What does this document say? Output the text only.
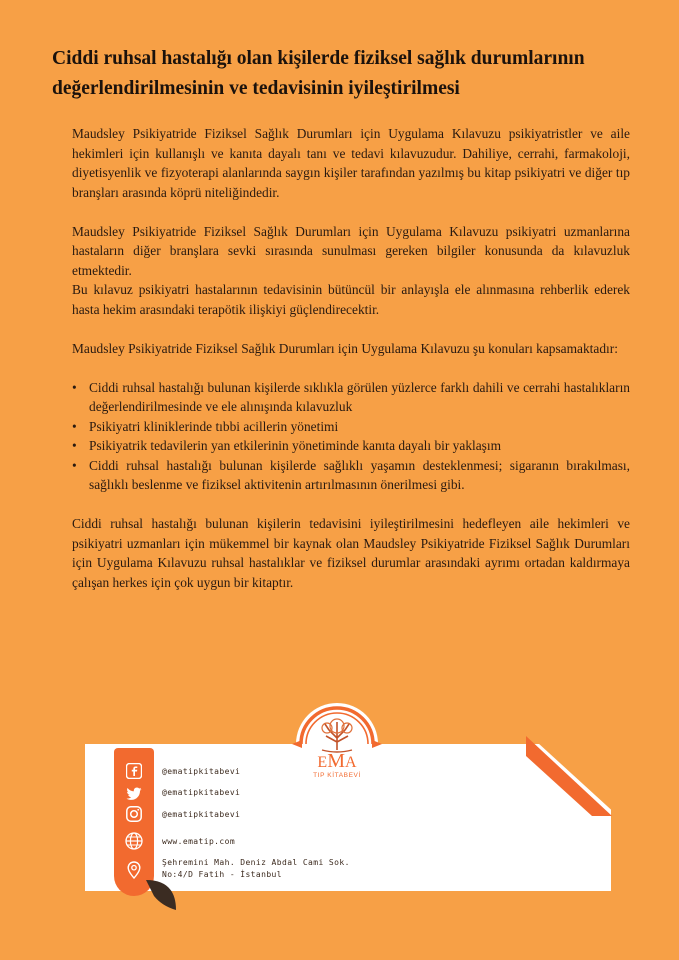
Ciddi ruhsal hastalığı olan kişilerde fiziksel sağlık durumlarının değerlendirilmesinin ve tedavisinin iyileştirilmesi

Maudsley Psikiyatride Fiziksel Sağlık Durumları için Uygulama Kılavuzu psikiyatristler ve aile hekimleri için kullanışlı ve kanıta dayalı tanı ve tedavi kılavuzudur. Dahiliye, cerrahi, farmakoloji, diyetisyenlik ve fizyoterapi alanlarında saygın kişiler tarafından yazılmış bu kitap psikiyatri ve diğer tıp branşları arasında köprü niteliğindedir.

Maudsley Psikiyatride Fiziksel Sağlık Durumları için Uygulama Kılavuzu psikiyatri uzmanlarına hastaların diğer branşlara sevki sırasında sunulması gereken bilgiler konusunda da kılavuzluk etmektedir.

Bu kılavuz psikiyatri hastalarının tedavisinin bütüncül bir anlayışla ele alınmasına rehberlik ederek hasta hekim arasındaki terapötik ilişkiyi güçlendirecektir.

Maudsley Psikiyatride Fiziksel Sağlık Durumları için Uygulama Kılavuzu şu konuları kapsamaktadır:

• Ciddi ruhsal hastalığı bulunan kişilerde sıklıkla görülen yüzlerce farklı dahili ve cerrahi hastalıkların değerlendirilmesinde ve ele alınışında kılavuzluk
• Psikiyatri kliniklerinde tıbbi acillerin yönetimi
• Psikiyatrik tedavilerin yan etkilerinin yönetiminde kanıta dayalı bir yaklaşım
• Ciddi ruhsal hastalığı bulunan kişilerde sağlıklı yaşamın desteklenmesi; sigaranın bırakılması, sağlıklı beslenme ve fiziksel aktivitenin artırılmasının önerilmesi gibi.

Ciddi ruhsal hastalığı bulunan kişilerin tedavisini iyileştirilmesini hedefleyen aile hekimleri ve psikiyatri uzmanları için mükemmel bir kaynak olan Maudsley Psikiyatride Fiziksel Sağlık Durumları için Uygulama Kılavuzu ruhsal hastalıklar ve fiziksel durumlar arasındaki ayrımı ortadan kaldırmaya çalışan herkes için çok uygun bir kitaptır.

@ematipkitabevi
@ematipkitabevi
@ematipkitabevi
www.ematip.com
Şehremini Mah. Deniz Abdal Cami Sok.
No:4/D Fatih - İstanbul
EMA
TIP KİTABEVİ
